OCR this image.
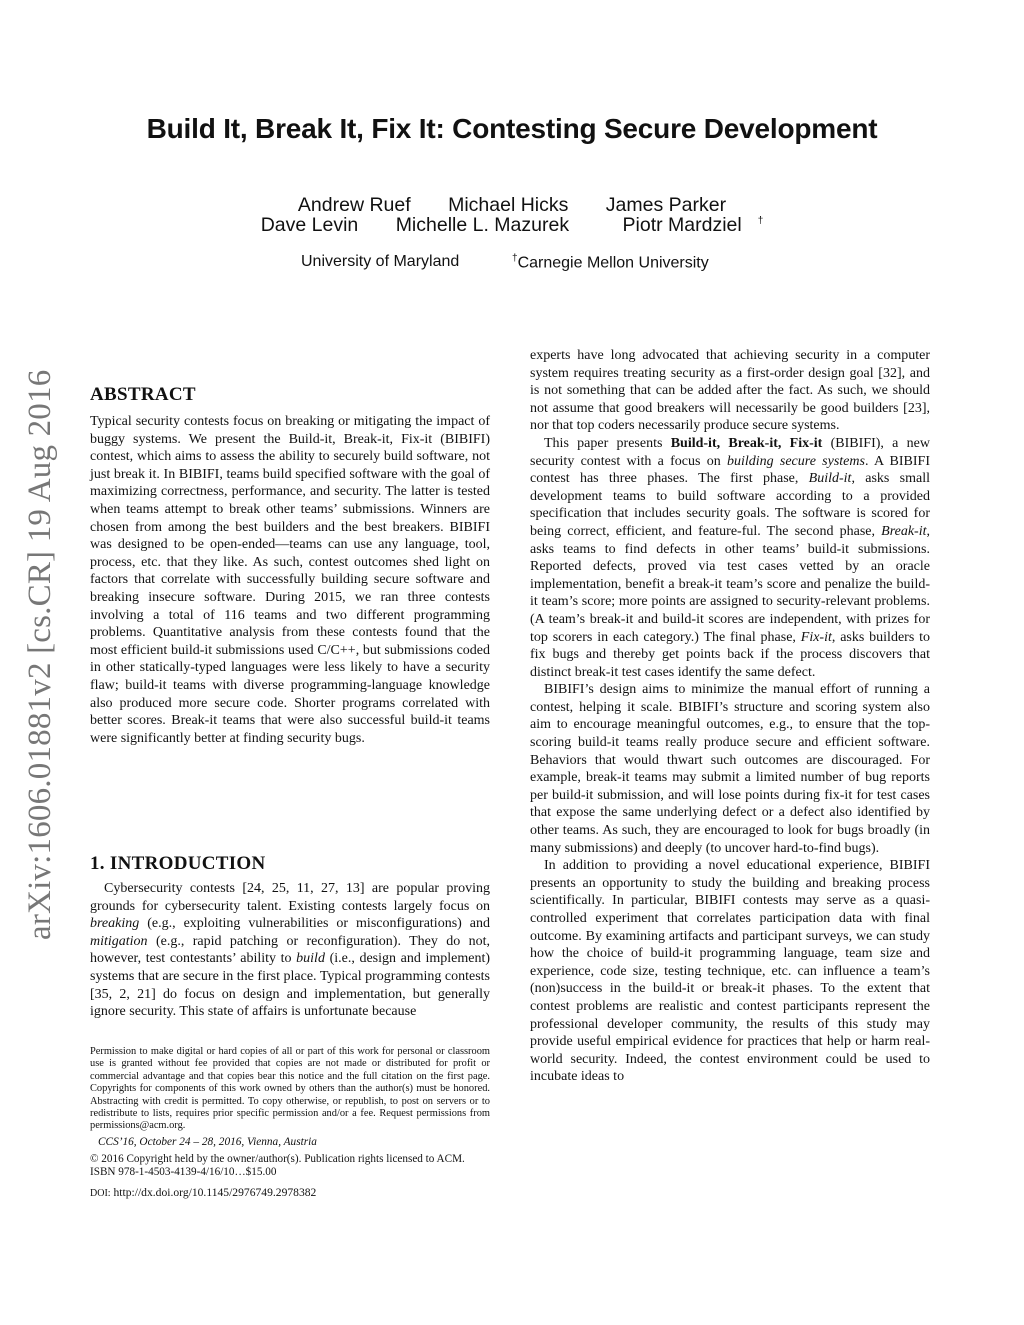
Build It, Break It, Fix It: Contesting Secure Development
Andrew Ruef Michael Hicks James Parker
Dave Levin Michelle L. Mazurek	Piotr Mardziel †
University of Maryland	†Carnegie Mellon University
arXiv:1606.01881v2 [cs.CR] 19 Aug 2016 ABSTRACT

Typical security contests focus on breaking or mitigating the impact of buggy systems. We present the Build-it, Break-it, Fix-it (BIBIFI) contest, which aims to assess the ability to securely build software, not just break it. In BIBIFI, teams build specified software with the goal of maximizing correctness, performance, and security. The latter is tested when teams attempt to break other teams’ submissions. Winners are chosen from among the best builders and the best breakers. BIBIFI was designed to be open-ended—teams can use any language, tool, process, etc. that they like. As such, contest outcomes shed light on factors that correlate with successfully building secure software and breaking insecure software. During 2015, we ran three contests involving a total of 116 teams and two different programming problems. Quantitative analysis from these contests found that the most efficient build-it submissions used C/C++, but submissions coded in other statically-typed languages were less likely to have a security flaw; build-it teams with diverse programming-language knowledge also produced more secure code. Shorter programs correlated with better scores. Break-it teams that were also successful build-it teams were significantly better at finding security bugs.

1. INTRODUCTION

Cybersecurity contests [24, 25, 11, 27, 13] are popular proving grounds for cybersecurity talent. Existing contests largely focus on breaking (e.g., exploiting vulnerabilities or misconfigurations) and mitigation (e.g., rapid patching or reconfiguration). They do not, however, test contestants’ ability to build (i.e., design and implement) systems that are secure in the first place. Typical programming contests [35, 2, 21] do focus on design and implementation, but generally ignore security. This state of affairs is unfortunate because

Permission to make digital or hard copies of all or part of this work for personal or classroom use is granted without fee provided that copies are not made or distributed for profit or commercial advantage and that copies bear this notice and the full citation on the first page. Copyrights for components of this work owned by others than the author(s) must be honored. Abstracting with credit is permitted. To copy otherwise, or republish, to post on servers or to redistribute to lists, requires prior specific permission and/or a fee. Request permissions from permissions@acm.org.

CCS’16, October 24 – 28, 2016, Vienna, Austria

© 2016 Copyright held by the owner/author(s). Publication rights licensed to ACM.

ISBN 978-1-4503-4139-4/16/10…$15.00

DOI: http://dx.doi.org/10.1145/2976749.2978382

experts have long advocated that achieving security in a computer system requires treating security as a first-order design goal [32], and is not something that can be added after the fact. As such, we should not assume that good breakers will necessarily be good builders [23], nor that top coders necessarily produce secure systems.

This paper presents Build-it, Break-it, Fix-it (BIBIFI), a new security contest with a focus on building secure systems. A BIBIFI contest has three phases. The first phase, Build-it, asks small development teams to build software according to a provided specification that includes security goals. The software is scored for being correct, efficient, and feature-ful. The second phase, Break-it, asks teams to find defects in other teams’ build-it submissions. Reported defects, proved via test cases vetted by an oracle implementation, benefit a break-it team’s score and penalize the build-it team’s score; more points are assigned to security-relevant problems. (A team’s break-it and build-it scores are independent, with prizes for top scorers in each category.) The final phase, Fix-it, asks builders to fix bugs and thereby get points back if the process discovers that distinct break-it test cases identify the same defect.

BIBIFI’s design aims to minimize the manual effort of running a contest, helping it scale. BIBIFI’s structure and scoring system also aim to encourage meaningful outcomes, e.g., to ensure that the top-scoring build-it teams really produce secure and efficient software. Behaviors that would thwart such outcomes are discouraged. For example, break-it teams may submit a limited number of bug reports per build-it submission, and will lose points during fix-it for test cases that expose the same underlying defect or a defect also identified by other teams. As such, they are encouraged to look for bugs broadly (in many submissions) and deeply (to uncover hard-to-find bugs).

In addition to providing a novel educational experience, BIBIFI presents an opportunity to study the building and breaking process scientifically. In particular, BIBIFI contests may serve as a quasi-controlled experiment that correlates participation data with final outcome. By examining artifacts and participant surveys, we can study how the choice of build-it programming language, team size and experience, code size, testing technique, etc. can influence a team’s (non)success in the build-it or break-it phases. To the extent that contest problems are realistic and contest participants represent the professional developer community, the results of this study may provide useful empirical evidence for practices that help or harm real-world security. Indeed, the contest environment could be used to incubate ideas to
